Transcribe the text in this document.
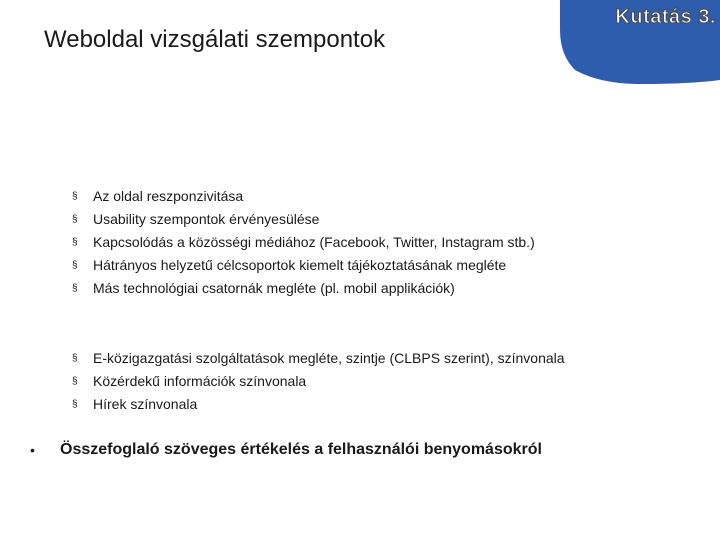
Weboldal vizsgálati szempontok
Kutatás 3.
§ Az oldal reszponzivitása
§ Usability szempontok érvényesülése
§ Kapcsolódás a közösségi médiához (Facebook, Twitter, Instagram stb.)
§ Hátrányos helyzetű célcsoportok kiemelt tájékoztatásának megléte
§ Más technológiai csatornák megléte (pl. mobil applikációk)
§ E-közigazgatási szolgáltatások megléte, szintje (CLBPS szerint), színvonala
§ Közérdekű információk színvonala
§ Hírek színvonala
• Összefoglaló szöveges értékelés a felhasználói benyomásokról
